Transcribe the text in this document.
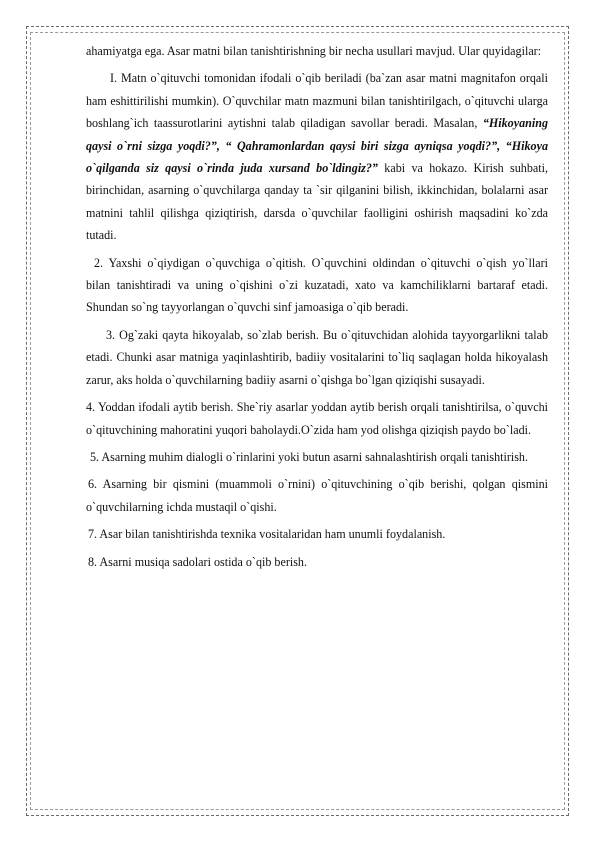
ahamiyatga ega. Asar matni bilan tanishtirishning bir necha usullari mavjud. Ular quyidagilar:

I. Matn o`qituvchi tomonidan ifodali o`qib beriladi (ba`zan asar matni magnitafon orqali ham eshittirilishi mumkin). O`quvchilar matn mazmuni bilan tanishtirilgach, o`qituvchi ularga boshlang`ich taassurotlarini aytishni talab qiladigan savollar beradi. Masalan, “Hikoyaning qaysi o`rni sizga yoqdi?”, “ Qahramonlardan qaysi biri sizga ayniqsa yoqdi?”, “Hikoya o`qilganda siz qaysi o`rinda juda xursand bo`ldingiz?” kabi va hokazo. Kirish suhbati, birinchidan, asarning o`quvchilarga qanday ta `sir qilganini bilish, ikkinchidan, bolalarni asar matnini tahlil qilishga qiziqtirish, darsda o`quvchilar faolligini oshirish maqsadini ko`zda tutadi.

2. Yaxshi o`qiydigan o`quvchiga o`qitish. O`quvchini oldindan o`qituvchi o`qish yo`llari bilan tanishtiradi va uning o`qishini o`zi kuzatadi, xato va kamchiliklarni bartaraf etadi. Shundan so`ng tayyorlangan o`quvchi sinf jamoasiga o`qib beradi.

3. Og`zaki qayta hikoyalab, so`zlab berish. Bu o`qituvchidan alohida tayyorgarlikni talab etadi. Chunki asar matniga yaqinlashtirib, badiiy vositalarini to`liq saqlagan holda hikoyalash zarur, aks holda o`quvchilarning badiiy asarni o`qishga bo`lgan qiziqishi susayadi.

4. Yoddan ifodali aytib berish. She`riy asarlar yoddan aytib berish orqali tanishtirilsa, o`quvchi o`qituvchining mahoratini yuqori baholaydi.O`zida ham yod olishga qiziqish paydo bo`ladi.

5. Asarning muhim dialogli o`rinlarini yoki butun asarni sahnalashtirish orqali tanishtirish.

6. Asarning bir qismini (muammoli o`rnini) o`qituvchining o`qib berishi, qolgan qismini o`quvchilarning ichda mustaqil o`qishi.

7. Asar bilan tanishtirishda texnika vositalaridan ham unumli foydalanish.

8. Asarni musiqa sadolari ostida o`qib berish.
